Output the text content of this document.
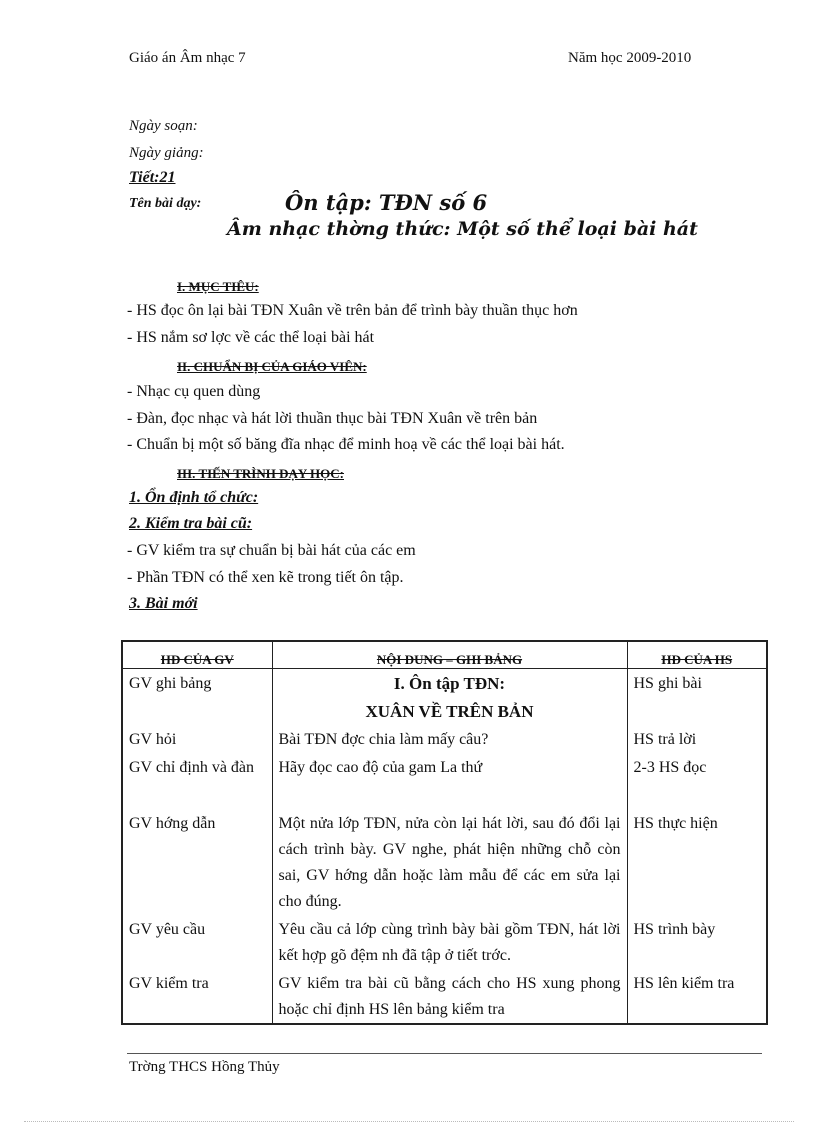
Giáo án Âm nhạc 7	Năm học 2009-2010
Ngày soạn:
Ngày giảng:
Tiết:21
Tên bài dạy:	Ôn tập: TĐN số 6
Âm nhạc thờng thức: Một số thể loại bài hát
I. MỤC TIÊU:
- HS đọc ôn lại bài TĐN Xuân về trên bản để trình bày thuần thục hơn
- HS nắm sơ lợc về các thể loại bài hát
II. CHUẨN BỊ CỦA GIÁO VIÊN:
- Nhạc cụ quen dùng
- Đàn, đọc nhạc và hát lời thuần thục bài TĐN Xuân về trên bản
- Chuẩn bị một số băng đĩa nhạc để minh hoạ về các thể loại bài hát.
III. TIẾN TRÌNH DẠY HỌC:
1. Ổn định tổ chức:
2. Kiểm tra bài cũ:
- GV kiểm tra sự chuẩn bị bài hát của các em
- Phần TĐN có thể xen kẽ trong tiết ôn tập.
3. Bài mới
HĐ CỦA GV	NỘI DUNG – GHI BẢNG	HĐ CỦA HS
GV ghi bảng	I. Ôn tập TĐN:	HS ghi bài
	XUÂN VỀ TRÊN BẢN	
GV hỏi	Bài TĐN đợc chia làm mấy câu?	HS trả lời
GV chỉ định và đàn	Hãy đọc cao độ của gam La thứ	2-3 HS đọc
GV hớng dẫn	Một nửa lớp TĐN, nửa còn lại hát lời, sau đó đổi lại cách trình bày. GV nghe, phát hiện những chỗ còn sai, GV hớng dẫn hoặc làm mẫu để các em sửa lại cho đúng.	HS thực hiện
GV yêu cầu	Yêu cầu cả lớp cùng trình bày bài gồm TĐN, hát lời kết hợp gõ đệm nh đã tập ở tiết trớc.	HS trình bày
GV kiểm tra	GV kiểm tra bài cũ bằng cách cho HS xung phong hoặc chỉ định HS lên bảng kiểm tra	HS lên kiểm tra
Trờng THCS Hồng Thủy
